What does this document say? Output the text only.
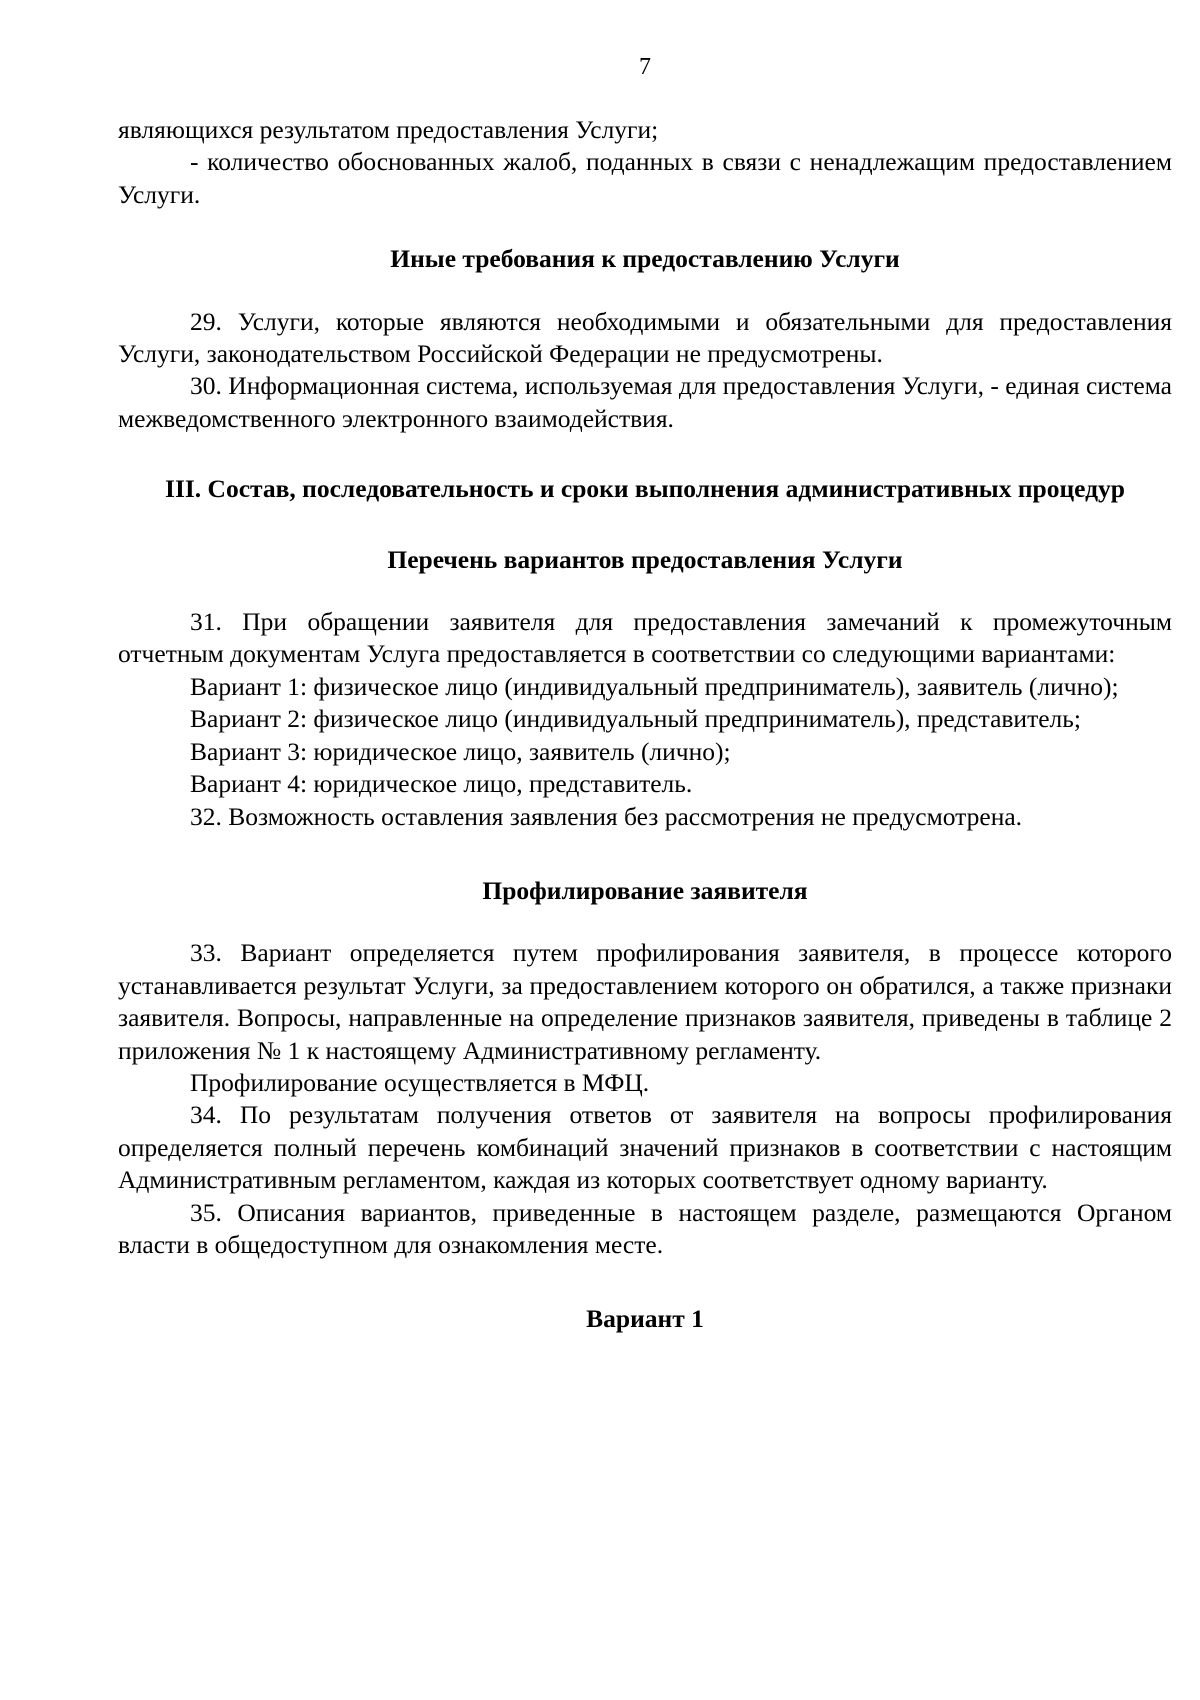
7

являющихся результатом предоставления Услуги;

- количество обоснованных жалоб, поданных в связи с ненадлежащим предоставлением Услуги.

Иные требования к предоставлению Услуги

29. Услуги, которые являются необходимыми и обязательными для предоставления Услуги, законодательством Российской Федерации не предусмотрены.

30. Информационная система, используемая для предоставления Услуги, - единая система межведомственного электронного взаимодействия.

III. Состав, последовательность и сроки выполнения административных процедур

Перечень вариантов предоставления Услуги

31. При обращении заявителя для предоставления замечаний к промежуточным отчетным документам Услуга предоставляется в соответствии со следующими вариантами:

Вариант 1: физическое лицо (индивидуальный предприниматель), заявитель (лично);

Вариант 2: физическое лицо (индивидуальный предприниматель), представитель;

Вариант 3: юридическое лицо, заявитель (лично);

Вариант 4: юридическое лицо, представитель.

32. Возможность оставления заявления без рассмотрения не предусмотрена.

Профилирование заявителя

33. Вариант определяется путем профилирования заявителя, в процессе которого устанавливается результат Услуги, за предоставлением которого он обратился, а также признаки заявителя. Вопросы, направленные на определение признаков заявителя, приведены в таблице 2 приложения № 1 к настоящему Административному регламенту.

Профилирование осуществляется в МФЦ.

34. По результатам получения ответов от заявителя на вопросы профилирования определяется полный перечень комбинаций значений признаков в соответствии с настоящим Административным регламентом, каждая из которых соответствует одному варианту.

35. Описания вариантов, приведенные в настоящем разделе, размещаются Органом власти в общедоступном для ознакомления месте.

Вариант 1
